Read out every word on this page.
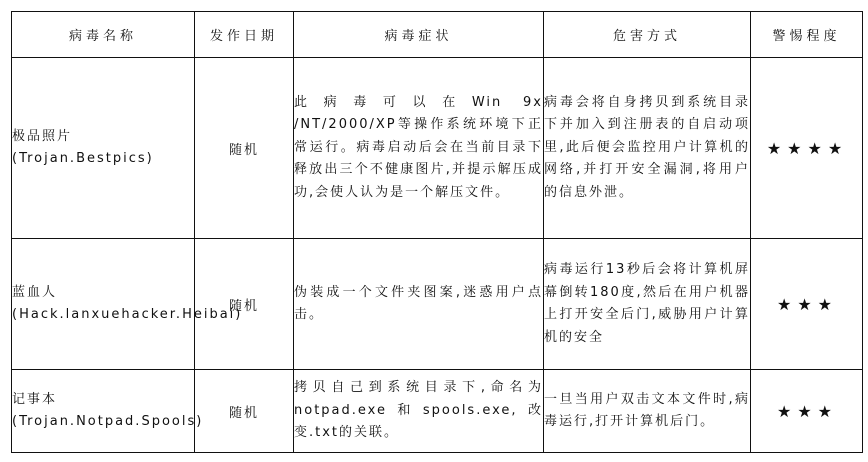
病毒名称	发作日期	病毒症状	危害方式	警惕程度
极品照片 (Trojan.Bestpics)	随机	此病毒可以在Win 9x /NT/2000/XP等操作系统环境下正常运行。病毒启动后会在当前目录下释放出三个不健康图片,并提示解压成功,会使人认为是一个解压文件。	病毒会将自身拷贝到系统目录下并加入到注册表的自启动项里,此后便会监控用户计算机的网络,并打开安全漏洞,将用户的信息外泄。	★ ★ ★ ★
蓝血人 (Hack.lanxuehacker.Heibai)	随机	伪装成一个文件夹图案,迷惑用户点击。	病毒运行13秒后会将计算机屏幕倒转180度,然后在用户机器上打开安全后门,威胁用户计算机的安全	★ ★ ★
记事本 (Trojan.Notpad.Spools)	随机	拷贝自己到系统目录下,命名为notpad.exe和spools.exe,改变.txt的关联。	一旦当用户双击文本文件时,病毒运行,打开计算机后门。	★ ★ ★
